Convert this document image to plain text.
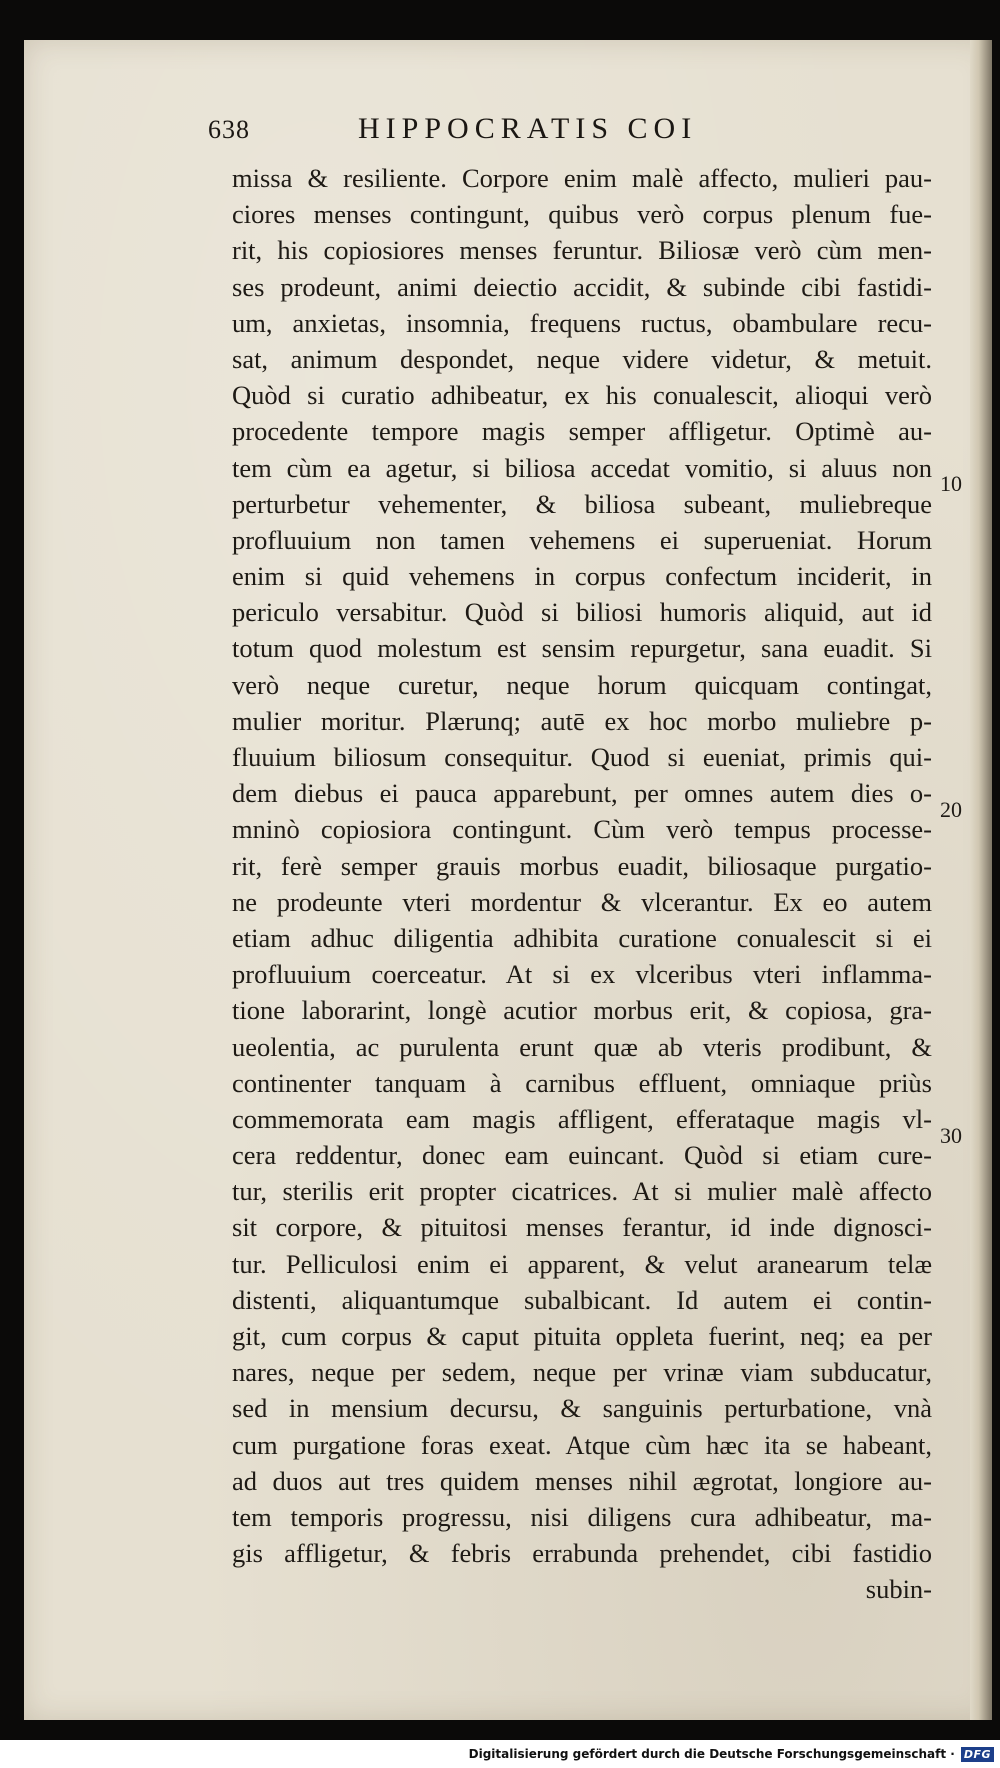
638	HIPPOCRATIS COI
missa & resiliente. Corpore enim malè affecto, mulieri pau-
ciores menses contingunt, quibus verò corpus plenum fue-
rit, his copiosiores menses feruntur. Biliosæ verò cùm men-
ses prodeunt, animi deiectio accidit, & subinde cibi fastidi-
um, anxietas, insomnia, frequens ructus, obambulare recu-
sat, animum despondet, neque videre videtur, & metuit.
Quòd si curatio adhibeatur, ex his conualescit, alioqui verò
procedente tempore magis semper affligetur. Optimè au-
tem cùm ea agetur, si biliosa accedat vomitio, si aluus non
perturbetur vehementer, & biliosa subeant, muliebreque
profluuium non tamen vehemens ei superueniat. Horum
enim si quid vehemens in corpus confectum inciderit, in
periculo versabitur. Quòd si biliosi humoris aliquid, aut id
totum quod molestum est sensim repurgetur, sana euadit. Si
verò neque curetur, neque horum quicquam contingat,
mulier moritur. Plærunq; autē ex hoc morbo muliebre p-
fluuium biliosum consequitur. Quod si eueniat, primis qui-
dem diebus ei pauca apparebunt, per omnes autem dies o-
mninò copiosiora contingunt. Cùm verò tempus processe-
rit, ferè semper grauis morbus euadit, biliosaque purgatio-
ne prodeunte vteri mordentur & vlcerantur. Ex eo autem
etiam adhuc diligentia adhibita curatione conualescit si ei
profluuium coerceatur. At si ex vlceribus vteri inflamma-
tione laborarint, longè acutior morbus erit, & copiosa, gra-
ueolentia, ac purulenta erunt quæ ab vteris prodibunt, &
continenter tanquam à carnibus effluent, omniaque priùs
commemorata eam magis affligent, efferataque magis vl-
cera reddentur, donec eam euincant. Quòd si etiam cure-
tur, sterilis erit propter cicatrices. At si mulier malè affecto
sit corpore, & pituitosi menses ferantur, id inde dignosci-
tur. Pelliculosi enim ei apparent, & velut aranearum telæ
distenti, aliquantumque subalbicant. Id autem ei contin-
git, cum corpus & caput pituita oppleta fuerint, neq; ea per
nares, neque per sedem, neque per vrinæ viam subducatur,
sed in mensium decursu, & sanguinis perturbatione, vnà
cum purgatione foras exeat. Atque cùm hæc ita se habeant,
ad duos aut tres quidem menses nihil ægrotat, longiore au-
tem temporis progressu, nisi diligens cura adhibeatur, ma-
gis affligetur, & febris errabunda prehendet, cibi fastidio
subin-
10
20
30
Digitalisierung gefördert durch die Deutsche Forschungsgemeinschaft · DFG
